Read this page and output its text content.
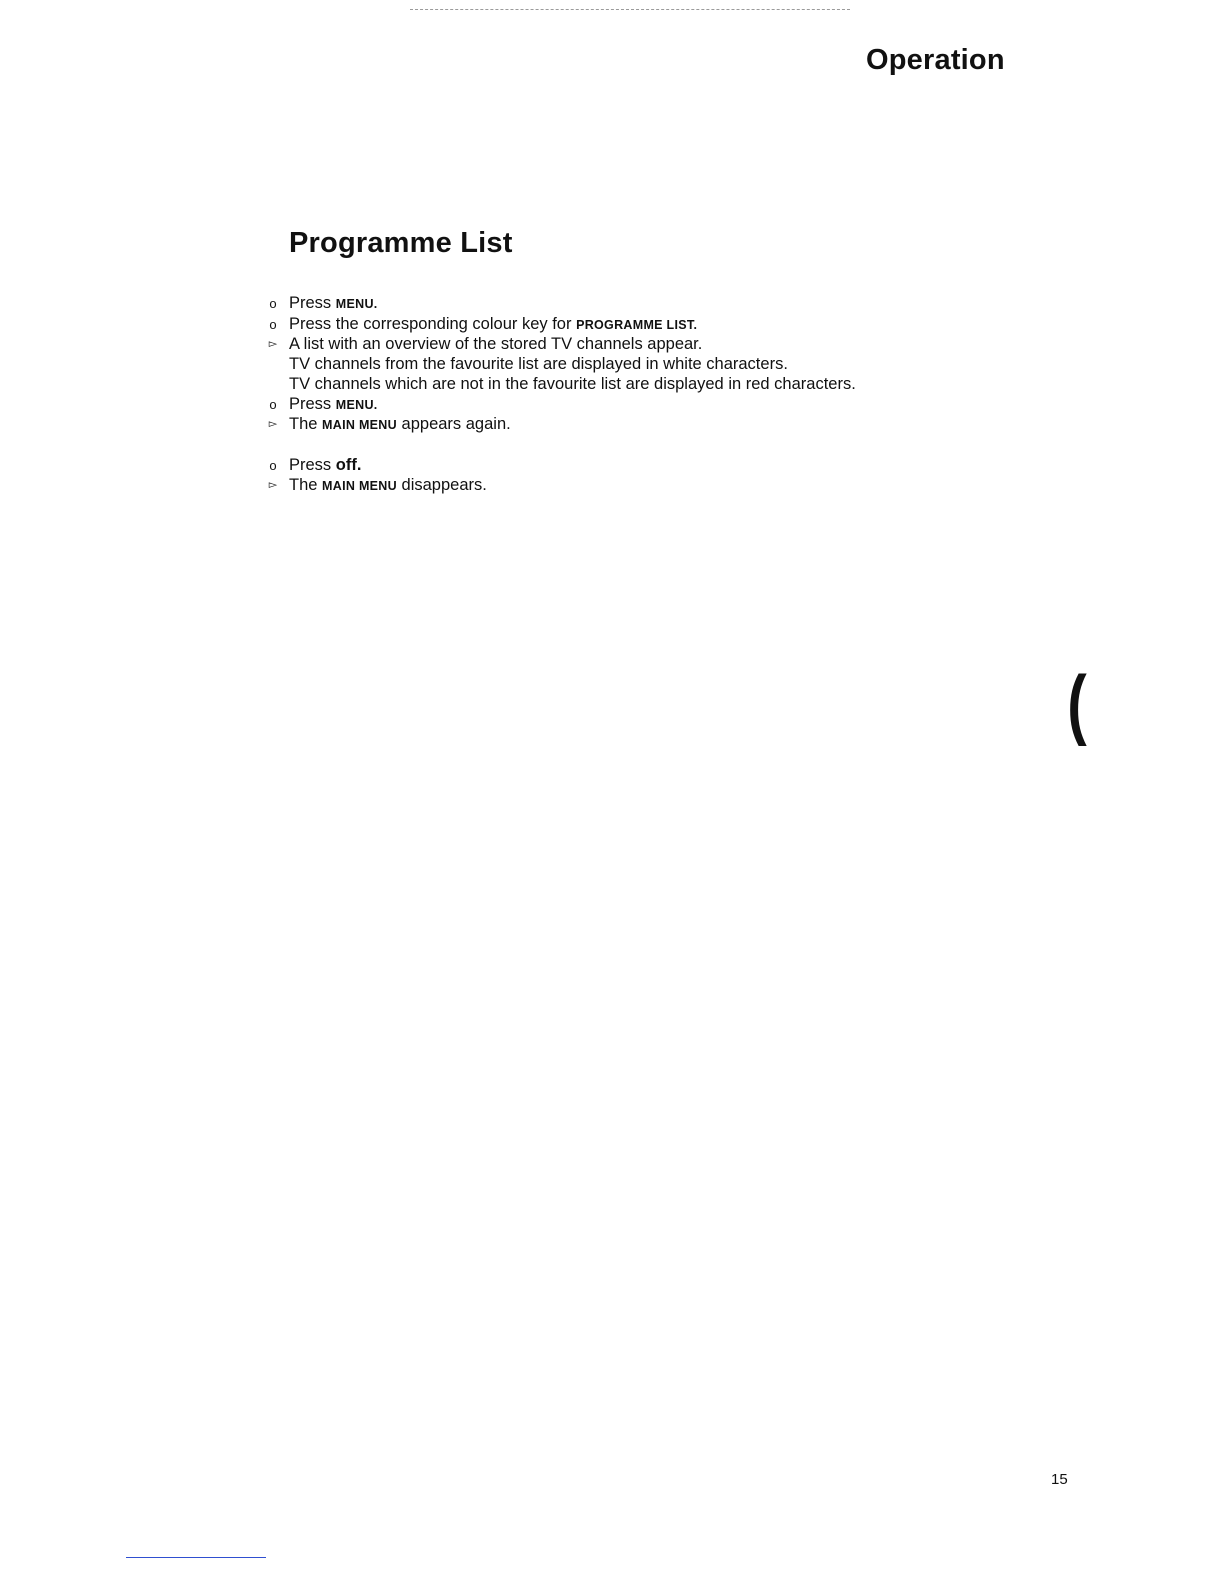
Operation
Programme List
o Press MENU.
o Press the corresponding colour key for PROGRAMME LIST.
▻ A list with an overview of the stored TV channels appear.
TV channels from the favourite list are displayed in white characters.
TV channels which are not in the favourite list are displayed in red characters.
o Press MENU.
▻ The MAIN MENU appears again.
o Press off.
▻ The MAIN MENU disappears.
(
15
